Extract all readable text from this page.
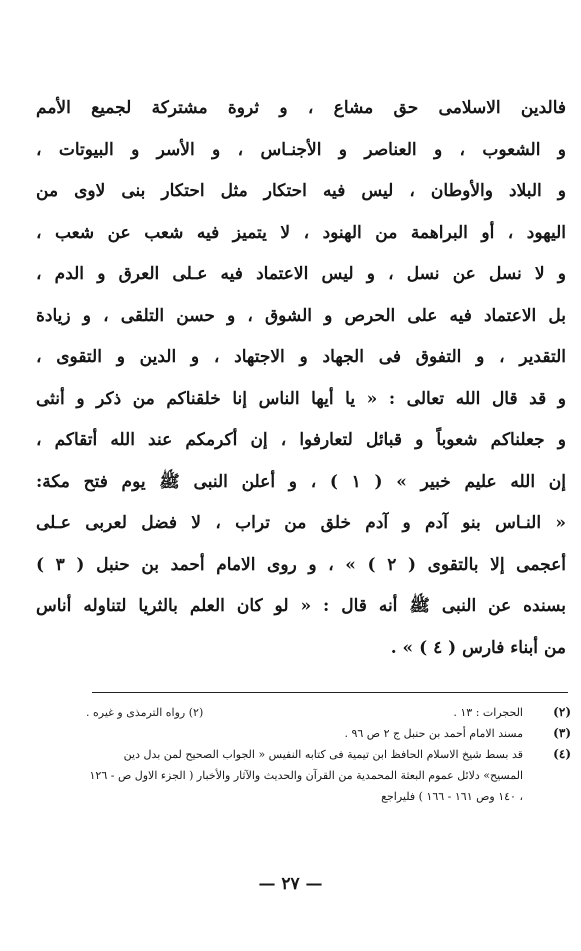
فالدين الاسلامى حق مشاع ، و ثروة مشتركة لجميع الأمم
و الشعوب ، و العناصر و الأجنـاس ، و الأسر و البيوتات ،
و البلاد والأوطان ، ليس فيه احتكار مثل احتكار بنى لاوى من
اليهود ، أو البراهمة من الهنود ، لا يتميز فيه شعب عن شعب ،
و لا نسل عن نسل ، و ليس الاعتماد فيه عـلى العرق و الدم ،
بل الاعتماد فيه على الحرص و الشوق ، و حسن التلقى ، و زيادة
التقدير ، و التفوق فى الجهاد و الاجتهاد ، و الدين و التقوى ،
و قد قال الله تعالى : « يا أيها الناس إنا خلقناكم من ذكر و أنثى
و جعلناكم شعوباً و قبائل لتعارفوا ، إن أكرمكم عند الله أتقاكم ،
إن الله عليم خبير » ( ١ ) ، و أعلن النبى ﷺ يوم فتح مكة:
« النـاس بنو آدم و آدم خلق من تراب ، لا فضل لعربى عـلى
أعجمى إلا بالتقوى ( ٢ ) » ، و روى الامام أحمد بن حنبل ( ٣ )
بسنده عن النبى ﷺ أنه قال : « لو كان العلم بالثريا لتناوله أناس
من أبناء فارس ( ٤ ) » .
(٢)
الحجرات : ١٣ .
(٢) رواه الترمذى و غيره .
(٣)
مسند الامام أحمد بن حنبل ج ٢ ص ٩٦ .
(٤)
قد بسط شيخ الاسلام الحافظ ابن تيمية فى كتابه النفيس « الجواب الصحيح لمن بدل دين المسيح» دلائل عموم البعثة المحمدية من القرآن والحديث والآثار والأخبار ( الجزء الاول ص - ١٢٦ ، ١٤٠ وص ١٦١ - ١٦٦ ) فليراجع
— ٢٧ —
